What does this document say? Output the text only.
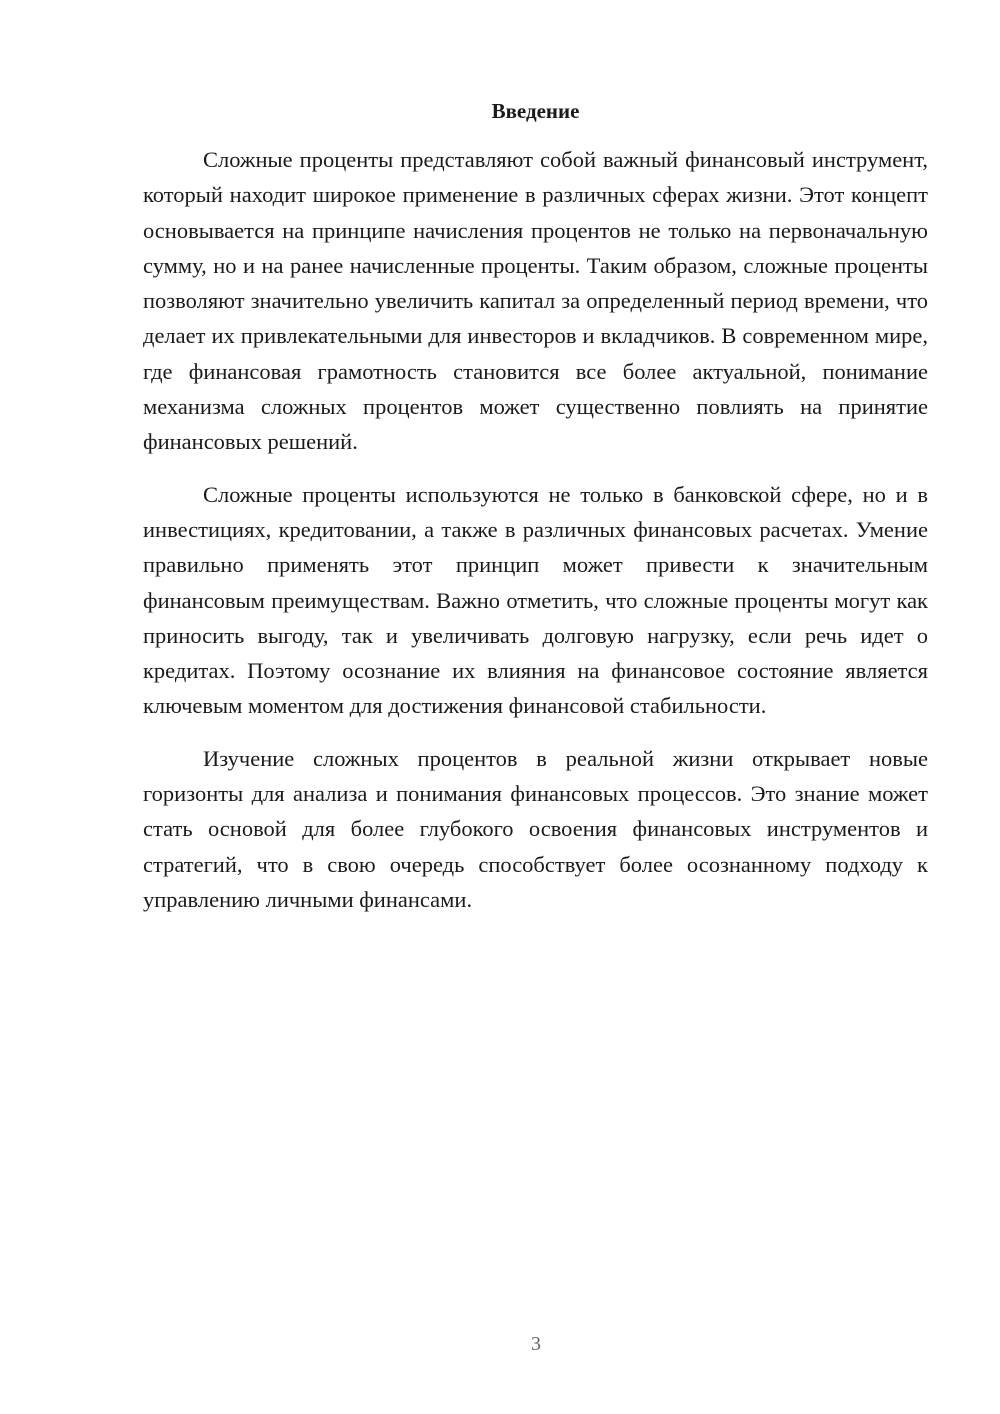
Введение

Сложные проценты представляют собой важный финансовый инструмент, который находит широкое применение в различных сферах жизни. Этот концепт основывается на принципе начисления процентов не только на первоначальную сумму, но и на ранее начисленные проценты. Таким образом, сложные проценты позволяют значительно увеличить капитал за определенный период времени, что делает их привлекательными для инвесторов и вкладчиков. В современном мире, где финансовая грамотность становится все более актуальной, понимание механизма сложных процентов может существенно повлиять на принятие финансовых решений.

Сложные проценты используются не только в банковской сфере, но и в инвестициях, кредитовании, а также в различных финансовых расчетах. Умение правильно применять этот принцип может привести к значительным финансовым преимуществам. Важно отметить, что сложные проценты могут как приносить выгоду, так и увеличивать долговую нагрузку, если речь идет о кредитах. Поэтому осознание их влияния на финансовое состояние является ключевым моментом для достижения финансовой стабильности.

Изучение сложных процентов в реальной жизни открывает новые горизонты для анализа и понимания финансовых процессов. Это знание может стать основой для более глубокого освоения финансовых инструментов и стратегий, что в свою очередь способствует более осознанному подходу к управлению личными финансами.

3
